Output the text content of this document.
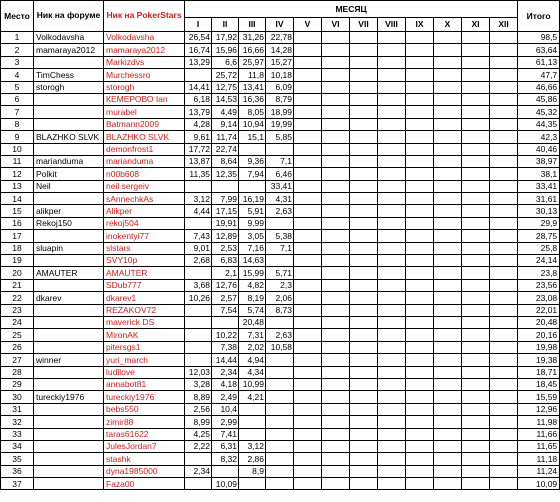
Место	Ник на форуме	Ник на PokerStars	МЕСЯЦ												Итого
			I	II	III	IV	V	VI	VII	VIII	IX	X	XI	XII	
1	Volkodavsha	Volkodavsha	26,54	17,92	31,26	22,78									98,5
2	mamaraya2012	mamaraya2012	16,74	15,96	16,66	14,28									63,64
3		Markizdvs	13,29	6,6	25,97	15,27									61,13
4	TimChess	Murchessro		25,72	11,8	10,18									47,7
5	storogh	storogh	14,41	12,75	13,41	6,09									46,66
6		КЕМЕРОВО Ian	6,18	14,53	16,36	8,79									45,86
7		murabel	13,79	4,49	8,05	18,99									45,32
8		Batmann2009	4,28	9,14	10,94	19,99									44,35
9	BLAZHKO SLVK	BLAZHKO SLVK	9,61	11,74	15,1	5,85									42,3
10		demonfrost1	17,72	22,74											40,46
11	marianduma	marianduma	13,87	8,64	9,36	7,1									38,97
12	Polkit	n00b608	11,35	12,35	7,94	6,46									38,1
13	Neil	neil sergeiv				33,41									33,41
14		sAnnechkAs	3,12	7,99	16,19	4,31									31,61
15	alikper	Alikper	4,44	17,15	5,91	2,63									30,13
16	Rekoj150	rekoj504		19,91	9,99										29,9
17		inokentyi77	7,43	12,89	3,05	5,38									28,75
18	sluapin	slstars	9,01	2,53	7,16	7,1									25,8
19		SVY10p	2,68	6,83	14,63										24,14
20	AMAUTER	AMAUTER		2,1	15,99	5,71									23,8
21		SDub777	3,68	12,76	4,82	2,3									23,56
22	dkarev	dkarev1	10,26	2,57	8,19	2,06									23,08
23		REZAKOV72		7,54	5,74	8,73									22,01
24		maverick DS			20,48										20,48
25		MironAK		10,22	7,31	2,63									20,16
26		pitersgs1		7,38	2,02	10,58									19,98
27	winner	yuri_march		14,44	4,94										19,38
28		ludllove	12,03	2,34	4,34										18,71
29		annabot81	3,28	4,18	10,99										18,45
30	tureckiy1976	tureckiy1976	8,89	2,49	4,21										15,59
31		bebs550	2,56	10,4											12,96
32		zimir88	8,99	2,99											11,98
33		taras61622	4,25	7,41											11,66
34		JulesJordan7	2,22	6,31	3,12										11,65
35		stashk		8,32	2,86										11,18
36		dyna1985000	2,34		8,9										11,24
37		Faza00		10,09											10,09
